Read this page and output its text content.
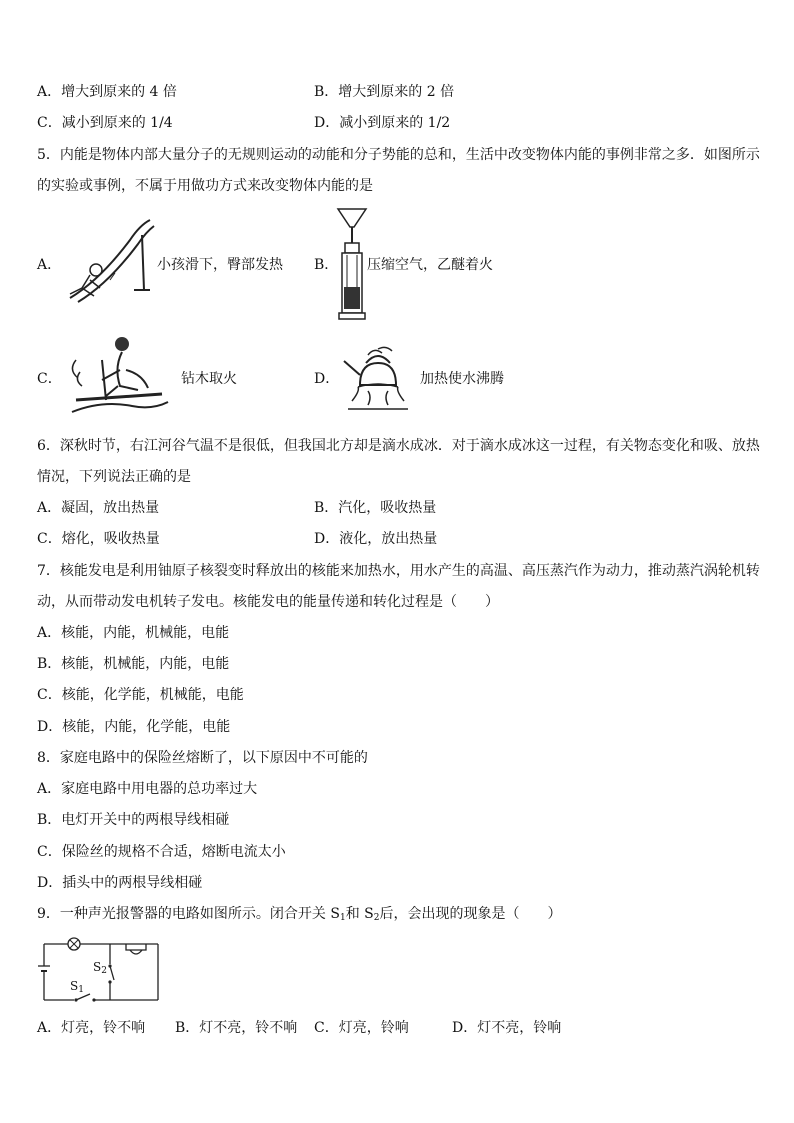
A．增大到原来的 4 倍	B．增大到原来的 2 倍
C．减小到原来的 1/4	D．减小到原来的 1/2
5．内能是物体内部大量分子的无规则运动的动能和分子势能的总和，生活中改变物体内能的事例非常之多．如图所示
的实验或事例，不属于用做功方式来改变物体内能的是
A．	小孩滑下，臀部发热 B． 压缩空气，乙醚着火
C．	钻木取火	D．	加热使水沸腾
6．深秋时节，右江河谷气温不是很低，但我国北方却是滴水成冰．对于滴水成冰这一过程，有关物态变化和吸、放热
情况，下列说法正确的是
A．凝固，放出热量	B．汽化，吸收热量
C．熔化，吸收热量	D．液化，放出热量
7．核能发电是利用铀原子核裂变时释放出的核能来加热水，用水产生的高温、高压蒸汽作为动力，推动蒸汽涡轮机转
动，从而带动发电机转子发电。核能发电的能量传递和转化过程是（　　）
A．核能，内能，机械能，电能
B．核能，机械能，内能，电能
C．核能，化学能，机械能，电能
D．核能，内能，化学能，电能
8．家庭电路中的保险丝熔断了，以下原因中不可能的
A．家庭电路中用电器的总功率过大
B．电灯开关中的两根导线相碰
C．保险丝的规格不合适，熔断电流太小
D．插头中的两根导线相碰
9．一种声光报警器的电路如图所示。闭合开关 $S_1$和 $S_2$后，会出现的现象是（　　）
$S_2$
$S_1$
A．灯亮，铃不响 B．灯不亮，铃不响 C．灯亮，铃响	D．灯不亮，铃响
